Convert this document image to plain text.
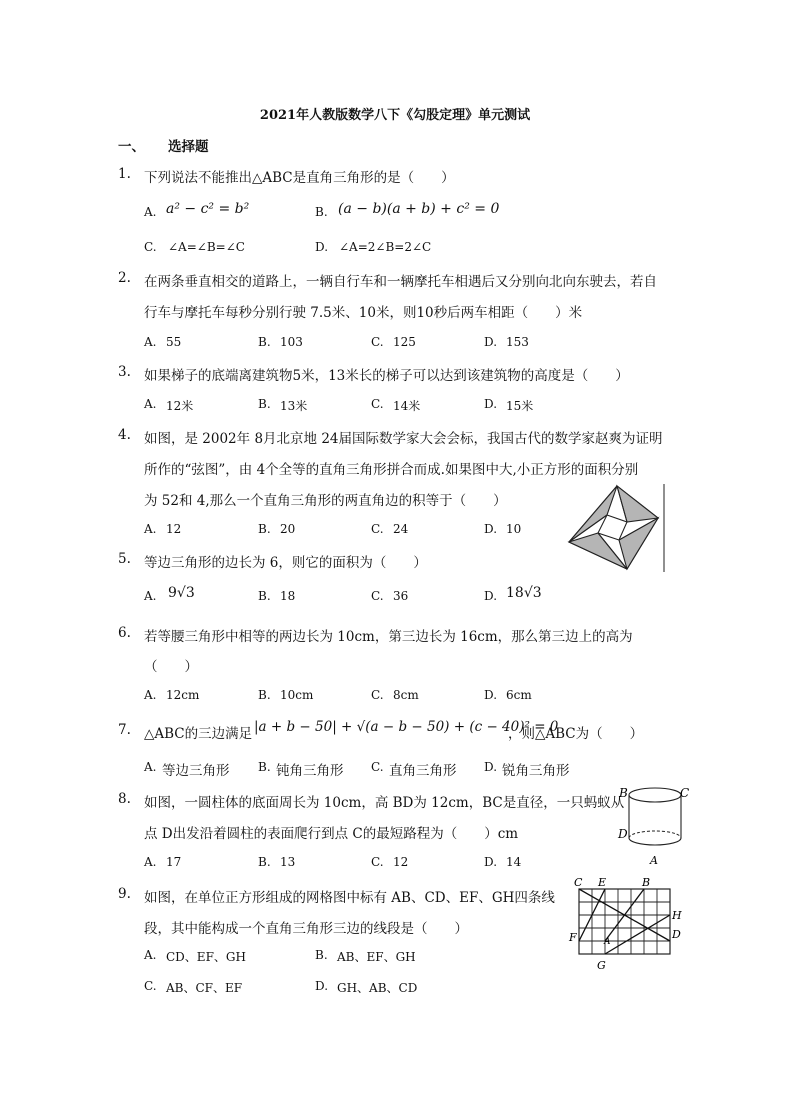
2021年人教版数学八下《勾股定理》单元测试
一、 选择题
1. 下列说法不能推出△ABC是直角三角形的是（　　）
A. a² − c² = b²	B. (a − b)(a + b) + c² = 0
C. ∠A=∠B=∠C	D. ∠A=2∠B=2∠C
2. 在两条垂直相交的道路上，一辆自行车和一辆摩托车相遇后又分别向北向东驶去，若自
行车与摩托车每秒分别行驶 7.5米、10米，则10秒后两车相距（　　）米
A. 55	B. 103	C. 125	D. 153
3. 如果梯子的底端离建筑物5米，13米长的梯子可以达到该建筑物的高度是（　　）
A. 12米	B. 13米	C. 14米	D. 15米
4. 如图，是 2002年 8月北京地 24届国际数学家大会会标，我国古代的数学家赵爽为证明
所作的“弦图”，由 4个全等的直角三角形拼合而成.如果图中大,小正方形的面积分别
为 52和 4,那么一个直角三角形的两直角边的积等于（　　）
A. 12	B. 20	C. 24	D. 10
5. 等边三角形的边长为 6，则它的面积为（　　）
A. 9√3	B. 18	C. 36	D. 18√3
6. 若等腰三角形中相等的两边长为 10cm，第三边长为 16cm，那么第三边上的高为
（　　）
A. 12cm	B. 10cm	C. 8cm	D. 6cm
7. △ABC的三边满足 |a + b − 50| + √(a − b − 50) + (c − 40)² = 0
，则△ABC为（　　）
A. 等边三角形 B. 钝角三角形 C. 直角三角形 D. 锐角三角形
8. 如图，一圆柱体的底面周长为 10cm，高 BD为 12cm，BC是直径，一只蚂蚁从
点 D出发沿着圆柱的表面爬行到点 C的最短路程为（　　）cm
A. 17	B. 13	C. 12	D. 14
B	C
D
A
9. 如图，在单位正方形组成的网格图中标有 AB、CD、EF、GH四条线
段，其中能构成一个直角三角形三边的线段是（　　）
A. CD、EF、GH	B. AB、EF、GH
C. AB、CF、EF	D. GH、AB、CD
C E	B
H
F	A
D
G
